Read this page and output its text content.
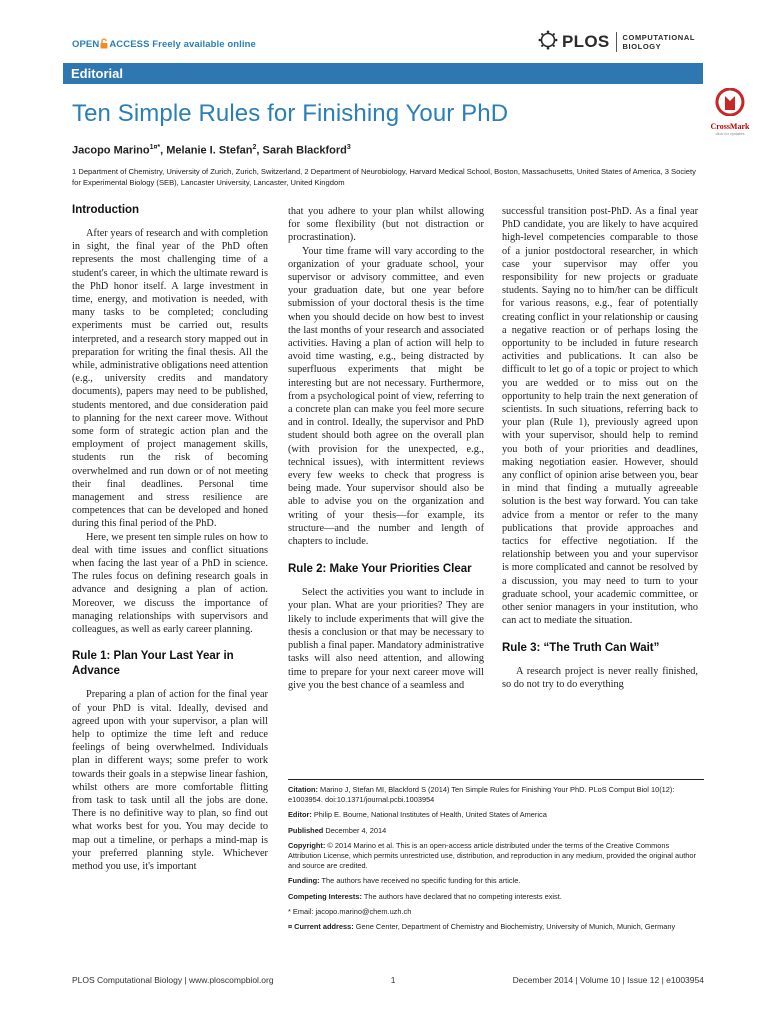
OPEN ACCESS Freely available online	PLOS COMPUTATIONAL
BIOLOGY
Editorial
Ten Simple Rules for Finishing Your PhD	CrossMark
click for updates
Jacopo Marino$^{1¤*}$, Melanie I. Stefan$^2$, Sarah Blackford$^3$
1 Department of Chemistry, University of Zurich, Zurich, Switzerland, 2 Department of Neurobiology, Harvard Medical School, Boston, Massachusetts, United States of America, 3 Society for Experimental Biology (SEB), Lancaster University, Lancaster, United Kingdom
Introduction

After years of research and with completion in sight, the final year of the PhD often represents the most challenging time of a student's career, in which the ultimate reward is the PhD honor itself. A large investment in time, energy, and motivation is needed, with many tasks to be completed; concluding experiments must be carried out, results interpreted, and a research story mapped out in preparation for writing the final thesis. All the while, administrative obligations need attention (e.g., university credits and mandatory documents), papers may need to be published, students mentored, and due consideration paid to planning for the next career move. Without some form of strategic action plan and the employment of project management skills, students run the risk of becoming overwhelmed and run down or of not meeting their final deadlines. Personal time management and stress resilience are competences that can be developed and honed during this final period of the PhD.

Here, we present ten simple rules on how to deal with time issues and conflict situations when facing the last year of a PhD in science. The rules focus on defining research goals in advance and designing a plan of action. Moreover, we discuss the importance of managing relationships with supervisors and colleagues, as well as early career planning.

Rule 1: Plan Your Last Year in Advance

Preparing a plan of action for the final year of your PhD is vital. Ideally, devised and agreed upon with your supervisor, a plan will help to optimize the time left and reduce feelings of being overwhelmed. Individuals plan in different ways; some prefer to work towards their goals in a stepwise linear fashion, whilst others are more comfortable flitting from task to task until all the jobs are done. There is no definitive way to plan, so find out what works best for you. You may decide to map out a timeline, or perhaps a mind-map is your preferred planning style. Whichever method you use, it's important

that you adhere to your plan whilst allowing for some flexibility (but not distraction or procrastination).

Your time frame will vary according to the organization of your graduate school, your supervisor or advisory committee, and even your graduation date, but one year before submission of your doctoral thesis is the time when you should decide on how best to invest the last months of your research and associated activities. Having a plan of action will help to avoid time wasting, e.g., being distracted by superfluous experiments that might be interesting but are not necessary. Furthermore, from a psychological point of view, referring to a concrete plan can make you feel more secure and in control. Ideally, the supervisor and PhD student should both agree on the overall plan (with provision for the unexpected, e.g., technical issues), with intermittent reviews every few weeks to check that progress is being made. Your supervisor should also be able to advise you on the organization and writing of your thesis—for example, its structure—and the number and length of chapters to include.

Rule 2: Make Your Priorities Clear

Select the activities you want to include in your plan. What are your priorities? They are likely to include experiments that will give the thesis a conclusion or that may be necessary to publish a final paper. Mandatory administrative tasks will also need attention, and allowing time to prepare for your next career move will give you the best chance of a seamless and

successful transition post-PhD. As a final year PhD candidate, you are likely to have acquired high-level competencies comparable to those of a junior postdoctoral researcher, in which case your supervisor may offer you responsibility for new projects or graduate students. Saying no to him/her can be difficult for various reasons, e.g., fear of potentially creating conflict in your relationship or causing a negative reaction or of perhaps losing the opportunity to be included in future research activities and publications. It can also be difficult to let go of a topic or project to which you are wedded or to miss out on the opportunity to help train the next generation of scientists. In such situations, referring back to your plan (Rule 1), previously agreed upon with your supervisor, should help to remind you both of your priorities and deadlines, making negotiation easier. However, should any conflict of opinion arise between you, bear in mind that finding a mutually agreeable solution is the best way forward. You can take advice from a mentor or refer to the many publications that provide approaches and tactics for effective negotiation. If the relationship between you and your supervisor is more complicated and cannot be resolved by a discussion, you may need to turn to your graduate school, your academic committee, or other senior managers in your institution, who can act to mediate the situation.

Rule 3: “The Truth Can Wait”

A research project is never really finished, so do not try to do everything

Citation: Marino J, Stefan MI, Blackford S (2014) Ten Simple Rules for Finishing Your PhD. PLoS Comput Biol 10(12): e1003954. doi:10.1371/journal.pcbi.1003954

Editor: Philip E. Bourne, National Institutes of Health, United States of America

Published December 4, 2014

Copyright: © 2014 Marino et al. This is an open-access article distributed under the terms of the Creative Commons Attribution License, which permits unrestricted use, distribution, and reproduction in any medium, provided the original author and source are credited.

Funding: The authors have received no specific funding for this article.

Competing Interests: The authors have declared that no competing interests exist.

* Email: jacopo.marino@chem.uzh.ch

¤ Current address: Gene Center, Department of Chemistry and Biochemistry, University of Munich, Munich, Germany

PLOS Computational Biology | www.ploscompbiol.org	1	December 2014 | Volume 10 | Issue 12 | e1003954
